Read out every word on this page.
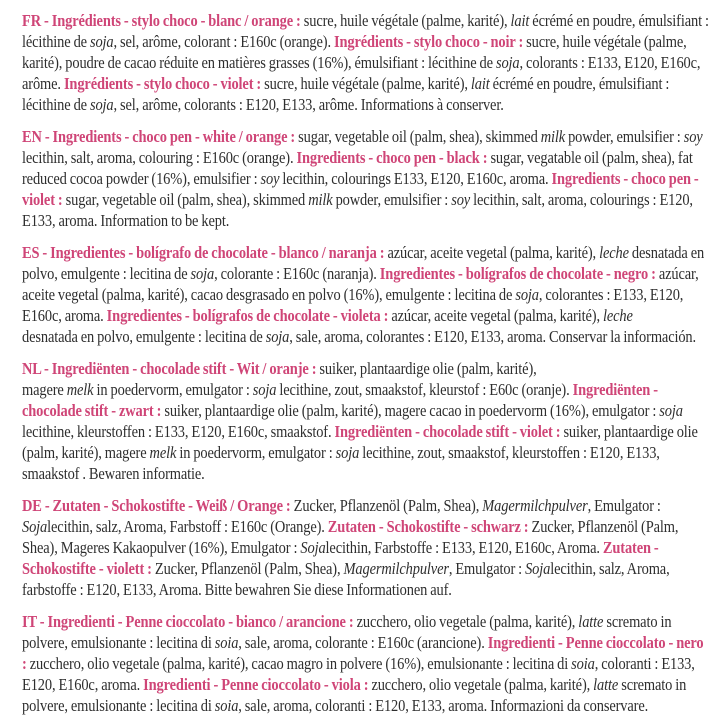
FR - Ingrédients - stylo choco - blanc / orange : sucre, huile végétale (palme, karité), lait écrémé en poudre, émulsifiant : lécithine de soja, sel, arôme, colorant : E160c (orange). Ingrédients - stylo choco - noir : sucre, huile végétale (palme, karité), poudre de cacao réduite en matières grasses (16%), émulsifiant : lécithine de soja, colorants : E133, E120, E160c, arôme. Ingrédients - stylo choco - violet : sucre, huile végétale (palme, karité), lait écrémé en poudre, émulsifiant : lécithine de soja, sel, arôme, colorants : E120, E133, arôme. Informations à conserver.

EN - Ingredients - choco pen - white / orange : sugar, vegetable oil (palm, shea), skimmed milk powder, emulsifier : soy lecithin, salt, aroma, colouring : E160c (orange). Ingredients - choco pen - black : sugar, vegatable oil (palm, shea), fat reduced cocoa powder (16%), emulsifier : soy lecithin, colourings E133, E120, E160c, aroma. Ingredients - choco pen - violet : sugar, vegetable oil (palm, shea), skimmed milk powder, emulsifier : soy lecithin, salt, aroma, colourings : E120, E133, aroma. Information to be kept.

ES - Ingredientes - bolígrafo de chocolate - blanco / naranja : azúcar, aceite vegetal (palma, karité), leche desnatada en polvo, emulgente : lecitina de soja, colorante : E160c (naranja). Ingredientes - bolígrafos de chocolate - negro : azúcar, aceite vegetal (palma, karité), cacao desgrasado en polvo (16%), emulgente : lecitina de soja, colorantes : E133, E120, E160c, aroma. Ingredientes - bolígrafos de chocolate - violeta : azúcar, aceite vegetal (palma, karité), leche
desnatada en polvo, emulgente : lecitina de soja, sale, aroma, colorantes : E120, E133, aroma. Conservar la información.

NL - Ingrediënten - chocolade stift - Wit / oranje : suiker, plantaardige olie (palm, karité),
magere melk in poedervorm, emulgator : soja lecithine, zout, smaakstof, kleurstof : E60c (oranje). Ingrediënten - chocolade stift - zwart : suiker, plantaardige olie (palm, karité), magere cacao in poedervorm (16%), emulgator : soja lecithine, kleurstoffen : E133, E120, E160c, smaakstof. Ingrediënten - chocolade stift - violet : suiker, plantaardige olie (palm, karité), magere melk in poedervorm, emulgator : soja lecithine, zout, smaakstof, kleurstoffen : E120, E133, smaakstof . Bewaren informatie.

DE - Zutaten - Schokostifte - Weiß / Orange : Zucker, Pflanzenöl (Palm, Shea), Magermilchpulver, Emulgator : Sojalecithin, salz, Aroma, Farbstoff : E160c (Orange). Zutaten - Schokostifte - schwarz : Zucker, Pflanzenöl (Palm, Shea), Mageres Kakaopulver (16%), Emulgator : Sojalecithin, Farbstoffe : E133, E120, E160c, Aroma. Zutaten - Schokostifte - violett : Zucker, Pflanzenöl (Palm, Shea), Magermilchpulver, Emulgator : Sojalecithin, salz, Aroma, farbstoffe : E120, E133, Aroma. Bitte bewahren Sie diese Informationen auf.

IT - Ingredienti - Penne cioccolato - bianco / arancione : zucchero, olio vegetale (palma, karité), latte scremato in polvere, emulsionante : lecitina di soia, sale, aroma, colorante : E160c (arancione). Ingredienti - Penne cioccolato - nero : zucchero, olio vegetale (palma, karité), cacao magro in polvere (16%), emulsionante : lecitina di soia, coloranti : E133, E120, E160c, aroma. Ingredienti - Penne cioccolato - viola : zucchero, olio vegetale (palma, karité), latte scremato in polvere, emulsionante : lecitina di soia, sale, aroma, coloranti : E120, E133, aroma. Informazioni da conservare.
